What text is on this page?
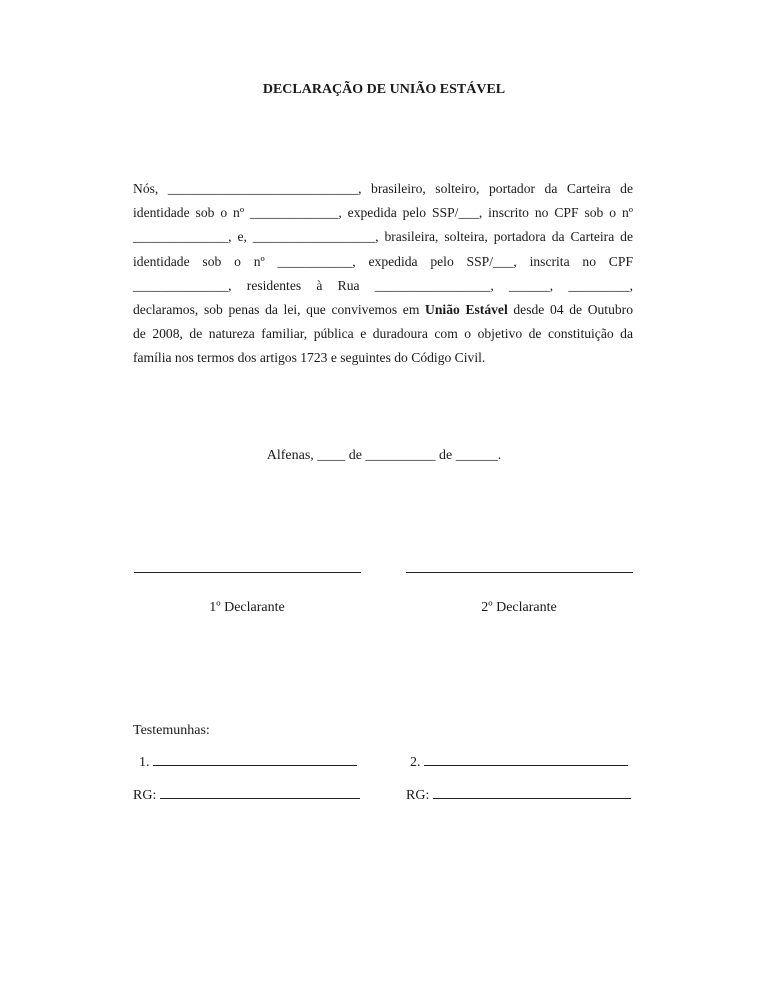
DECLARAÇÃO DE UNIÃO ESTÁVEL
Nós, ____________________________, brasileiro, solteiro, portador da Carteira de
identidade sob o nº _____________, expedida pelo SSP/___, inscrito no CPF sob o nº
______________, e, __________________, brasileira, solteira, portadora da Carteira de
identidade sob o nº ___________, expedida pelo SSP/___, inscrita no CPF
______________, residentes à Rua _________________, ______, _________,
declaramos, sob penas da lei, que convivemos em União Estável desde 04 de Outubro
de 2008, de natureza familiar, pública e duradoura com o objetivo de constituição da
família nos termos dos artigos 1723 e seguintes do Código Civil.
Alfenas, ____ de __________ de ______.
1º Declarante	2º Declarante
Testemunhas:
1.	2.
RG:	RG:
